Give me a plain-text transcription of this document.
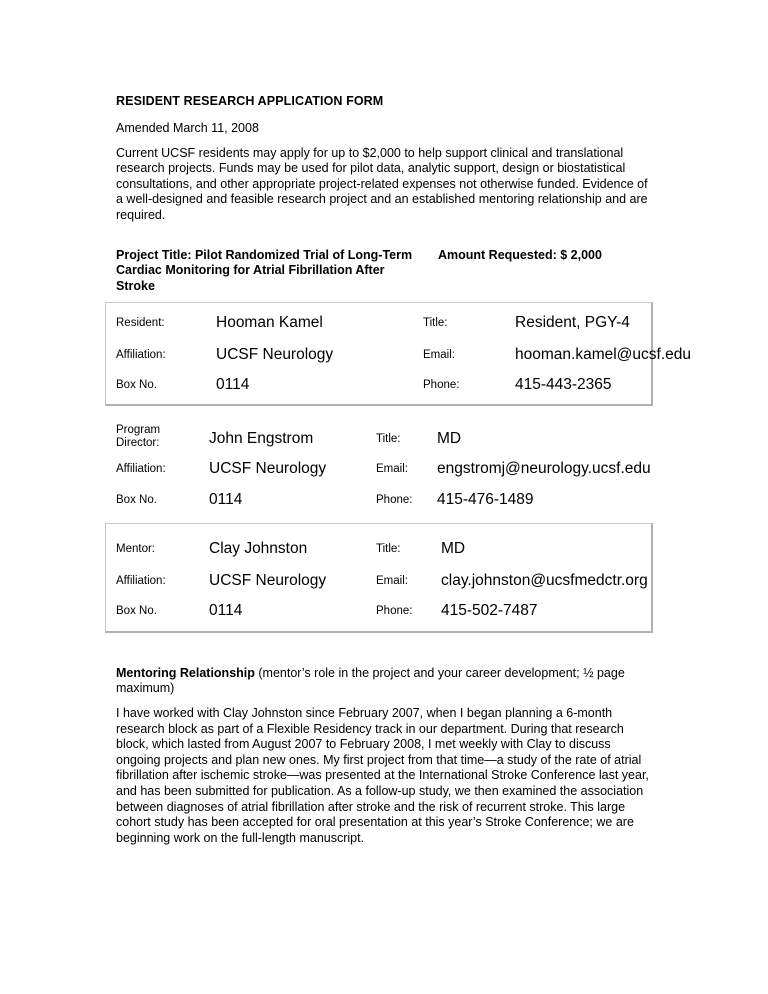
RESIDENT RESEARCH APPLICATION FORM
Amended March 11, 2008
Current UCSF residents may apply for up to $2,000 to help support clinical and translational research projects. Funds may be used for pilot data, analytic support, design or biostatistical consultations, and other appropriate project-related expenses not otherwise funded. Evidence of a well-designed and feasible research project and an established mentoring relationship and are required.
Project Title: Pilot Randomized Trial of Long-Term Cardiac Monitoring for Atrial Fibrillation After Stroke
Amount Requested: $ 2,000
Resident:	Hooman Kamel	Title:	Resident, PGY-4
Affiliation:	UCSF Neurology	Email:	hooman.kamel@ucsf.edu
Box No.	0114	Phone:	415-443-2365
Program Director:	John Engstrom	Title: MD
Affiliation:	UCSF Neurology	Email: engstromj@neurology.ucsf.edu
Box No.	0114	Phone: 415-476-1489
Mentor:	Clay Johnston	Title:	MD
Affiliation:	UCSF Neurology	Email: clay.johnston@ucsfmedctr.org
Box No.	0114	Phone: 415-502-7487
Mentoring Relationship (mentor’s role in the project and your career development; ½ page maximum)
I have worked with Clay Johnston since February 2007, when I began planning a 6-month research block as part of a Flexible Residency track in our department. During that research block, which lasted from August 2007 to February 2008, I met weekly with Clay to discuss ongoing projects and plan new ones. My first project from that time—a study of the rate of atrial fibrillation after ischemic stroke—was presented at the International Stroke Conference last year, and has been submitted for publication. As a follow-up study, we then examined the association between diagnoses of atrial fibrillation after stroke and the risk of recurrent stroke. This large cohort study has been accepted for oral presentation at this year’s Stroke Conference; we are beginning work on the full-length manuscript.
